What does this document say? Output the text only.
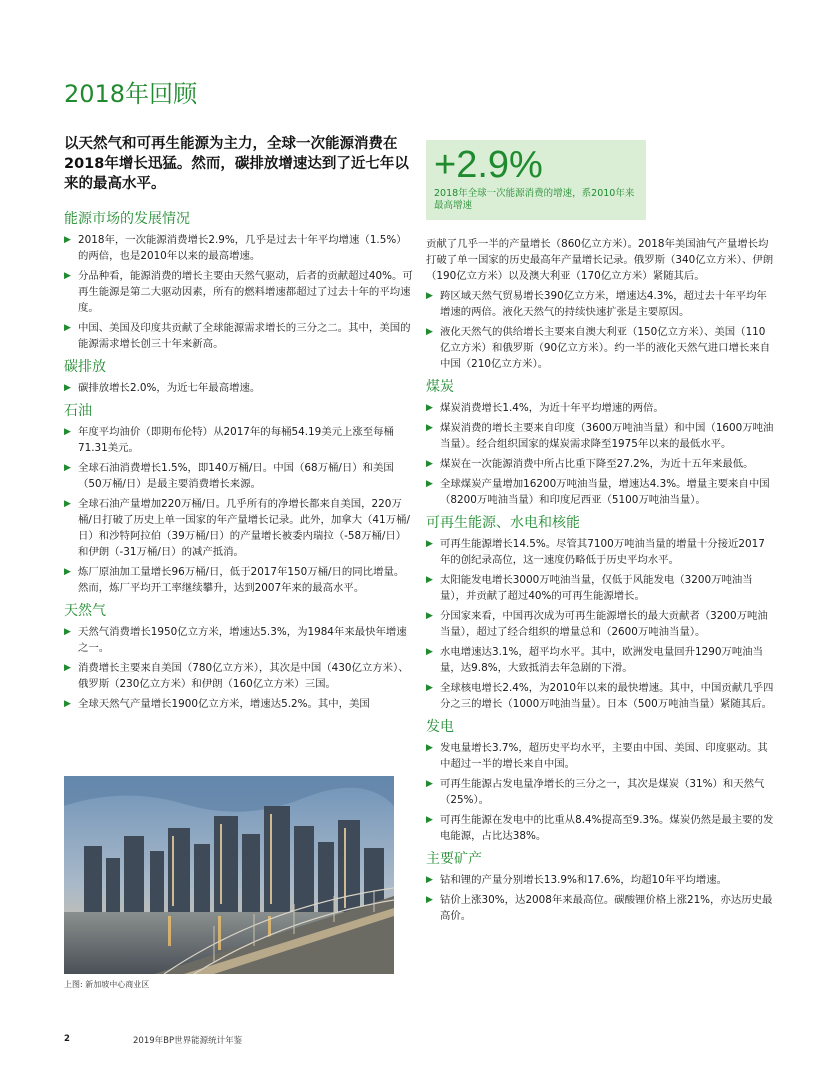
2018年回顾
以天然气和可再生能源为主力，全球一次能源消费在2018年增长迅猛。然而，碳排放增速达到了近七年以来的最高水平。	+2.9%
2018年全球一次能源消费的增速，系2010年来最高增速
能源市场的发展情况
▶ 2018年，一次能源消费增长2.9%，几乎是过去十年平均增速（1.5%）的两倍，也是2010年以来的最高增速。
▶ 分品种看，能源消费的增长主要由天然气驱动，后者的贡献超过40%。可再生能源是第二大驱动因素，所有的燃料增速都超过了过去十年的平均速度。
▶ 中国、美国及印度共贡献了全球能源需求增长的三分之二。其中，美国的能源需求增长创三十年来新高。
碳排放
▶ 碳排放增长2.0%，为近七年最高增速。
石油
▶ 年度平均油价（即期布伦特）从2017年的每桶54.19美元上涨至每桶71.31美元。
▶ 全球石油消费增长1.5%，即140万桶/日。中国（68万桶/日）和美国（50万桶/日）是最主要消费增长来源。
▶ 全球石油产量增加220万桶/日。几乎所有的净增长都来自美国，220万桶/日打破了历史上单一国家的年产量增长记录。此外，加拿大（41万桶/日）和沙特阿拉伯（39万桶/日）的产量增长被委内瑞拉（-58万桶/日）和伊朗（-31万桶/日）的减产抵消。
▶ 炼厂原油加工量增长96万桶/日，低于2017年150万桶/日的同比增量。然而，炼厂平均开工率继续攀升，达到2007年来的最高水平。
天然气
▶ 天然气消费增长1950亿立方米，增速达5.3%，为1984年来最快年增速之一。
▶ 消费增长主要来自美国（780亿立方米），其次是中国（430亿立方米）、俄罗斯（230亿立方米）和伊朗（160亿立方米）三国。
▶ 全球天然气产量增长1900亿立方米，增速达5.2%。其中，美国
上图: 新加坡中心商业区
贡献了几乎一半的产量增长（860亿立方米）。2018年美国油气产量增长均打破了单一国家的历史最高年产量增长记录。俄罗斯（340亿立方米）、伊朗（190亿立方米）以及澳大利亚（170亿立方米）紧随其后。
▶ 跨区域天然气贸易增长390亿立方米，增速达4.3%，超过去十年平均年增速的两倍。液化天然气的持续快速扩张是主要原因。
▶ 液化天然气的供给增长主要来自澳大利亚（150亿立方米）、美国（110亿立方米）和俄罗斯（90亿立方米）。约一半的液化天然气进口增长来自中国（210亿立方米）。
煤炭
▶ 煤炭消费增长1.4%，为近十年平均增速的两倍。
▶ 煤炭消费的增长主要来自印度（3600万吨油当量）和中国（1600万吨油当量）。经合组织国家的煤炭需求降至1975年以来的最低水平。
▶ 煤炭在一次能源消费中所占比重下降至27.2%，为近十五年来最低。
▶ 全球煤炭产量增加16200万吨油当量，增速达4.3%。增量主要来自中国（8200万吨油当量）和印度尼西亚（5100万吨油当量）。
可再生能源、水电和核能
▶ 可再生能源增长14.5%。尽管其7100万吨油当量的增量十分接近2017年的创纪录高位，这一速度仍略低于历史平均水平。
▶ 太阳能发电增长3000万吨油当量，仅低于风能发电（3200万吨油当量），并贡献了超过40%的可再生能源增长。
▶ 分国家来看，中国再次成为可再生能源增长的最大贡献者（3200万吨油当量），超过了经合组织的增量总和（2600万吨油当量）。
▶ 水电增速达3.1%，超平均水平。其中，欧洲发电量回升1290万吨油当量，达9.8%，大致抵消去年急剧的下滑。
▶ 全球核电增长2.4%，为2010年以来的最快增速。其中，中国贡献几乎四分之三的增长（1000万吨油当量）。日本（500万吨油当量）紧随其后。
发电
▶ 发电量增长3.7%，超历史平均水平，主要由中国、美国、印度驱动。其中超过一半的增长来自中国。
▶ 可再生能源占发电量净增长的三分之一，其次是煤炭（31%）和天然气（25%）。
▶ 可再生能源在发电中的比重从8.4%提高至9.3%。煤炭仍然是最主要的发电能源，占比达38%。
主要矿产
▶ 钴和锂的产量分别增长13.9%和17.6%，均超10年平均增速。
▶ 钴价上涨30%，达2008年来最高位。碳酸锂价格上涨21%，亦达历史最高价。
2	2019年BP世界能源统计年鉴
